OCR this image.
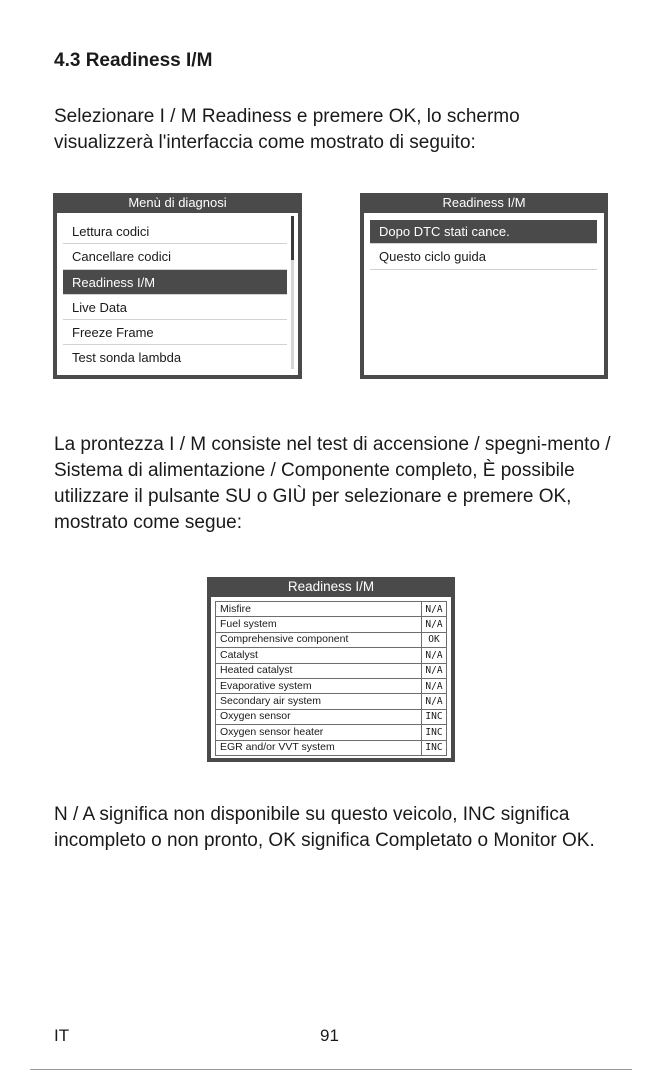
4.3 Readiness I/M

Selezionare I / M Readiness e premere OK, lo schermo visualizzerà l'interfaccia come mostrato di seguito:

Menù di diagnosi
Lettura codici
Cancellare codici
Readiness I/M
Live Data
Freeze Frame
Test sonda lambda
Readiness I/M
Dopo DTC stati cance.
Questo ciclo guida

La prontezza I / M consiste nel test di accensione / spegni-mento / Sistema di alimentazione / Componente completo, È possibile utilizzare il pulsante SU o GIÙ per selezionare e premere OK, mostrato come segue:

Readiness I/M
Misfire	N/A
Fuel system	N/A
Comprehensive component	OK
Catalyst	N/A
Heated catalyst	N/A
Evaporative system	N/A
Secondary air system	N/A
Oxygen sensor	INC
Oxygen sensor heater	INC
EGR and/or VVT system	INC

N / A significa non disponibile su questo veicolo, INC significa incompleto o non pronto, OK significa Completato o Monitor OK.

IT	91
